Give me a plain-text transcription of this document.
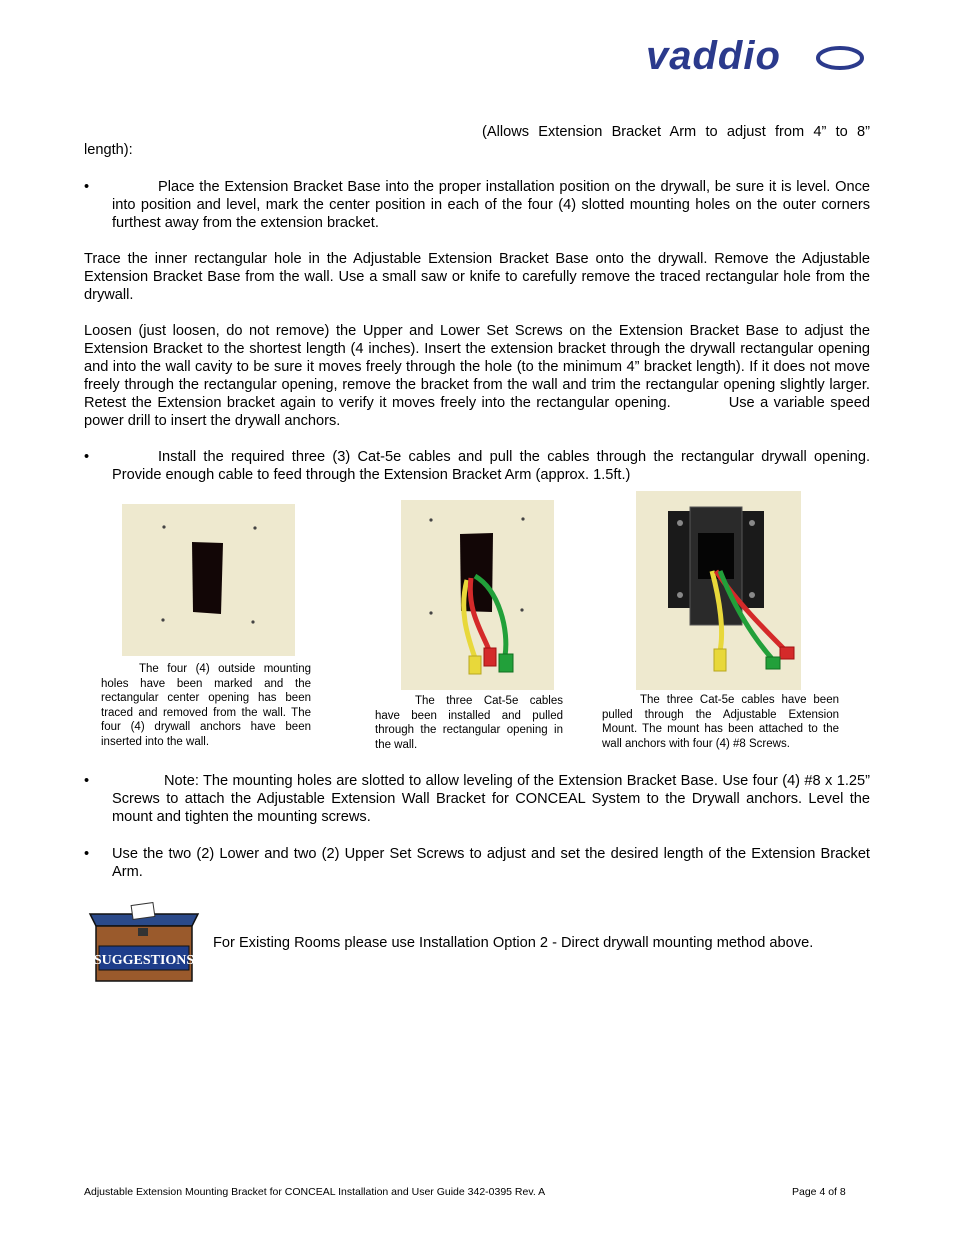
vaddio
(Allows Extension Bracket Arm to adjust from 4” to 8”
length):
•	Place the Extension Bracket Base into the proper installation position on the drywall, be sure it is level. Once into position and level, mark the center position in each of the four (4) slotted mounting holes on the outer corners furthest away from the extension bracket.
Trace the inner rectangular hole in the Adjustable Extension Bracket Base onto the drywall. Remove the Adjustable Extension Bracket Base from the wall. Use a small saw or knife to carefully remove the traced rectangular hole from the drywall.
Loosen (just loosen, do not remove) the Upper and Lower Set Screws on the Extension Bracket Base to adjust the Extension Bracket to the shortest length (4 inches). Insert the extension bracket through the drywall rectangular opening and into the wall cavity to be sure it moves freely through the hole (to the minimum 4” bracket length). If it does not move freely through the rectangular opening, remove the bracket from the wall and trim the rectangular opening slightly larger. Retest the Extension bracket again to verify it moves freely into the rectangular opening.	Use a variable speed power drill to insert the drywall anchors.
•	Install the required three (3) Cat-5e cables and pull the cables through the rectangular drywall opening. Provide enough cable to feed through the Extension Bracket Arm (approx. 1.5ft.)
The four (4) outside mounting holes have been marked and the rectangular center opening has been traced and removed from the wall. The four (4) drywall anchors have been inserted into the wall.
The three Cat-5e cables have been installed and pulled through the rectangular opening in the wall.
The three Cat-5e cables have been pulled through the Adjustable Extension Mount. The mount has been attached to the wall anchors with four (4) #8 Screws.
•	Note: The mounting holes are slotted to allow leveling of the Extension Bracket Base. Use four (4) #8 x 1.25” Screws to attach the Adjustable Extension Wall Bracket for CONCEAL System to the Drywall anchors. Level the mount and tighten the mounting screws.
• Use the two (2) Lower and two (2) Upper Set Screws to adjust and set the desired length of the Extension Bracket Arm.
SUGGESTIONS
For Existing Rooms please use Installation Option 2 - Direct drywall mounting method above.
Adjustable Extension Mounting Bracket for CONCEAL Installation and User Guide 342-0395 Rev. A	Page 4 of 8
